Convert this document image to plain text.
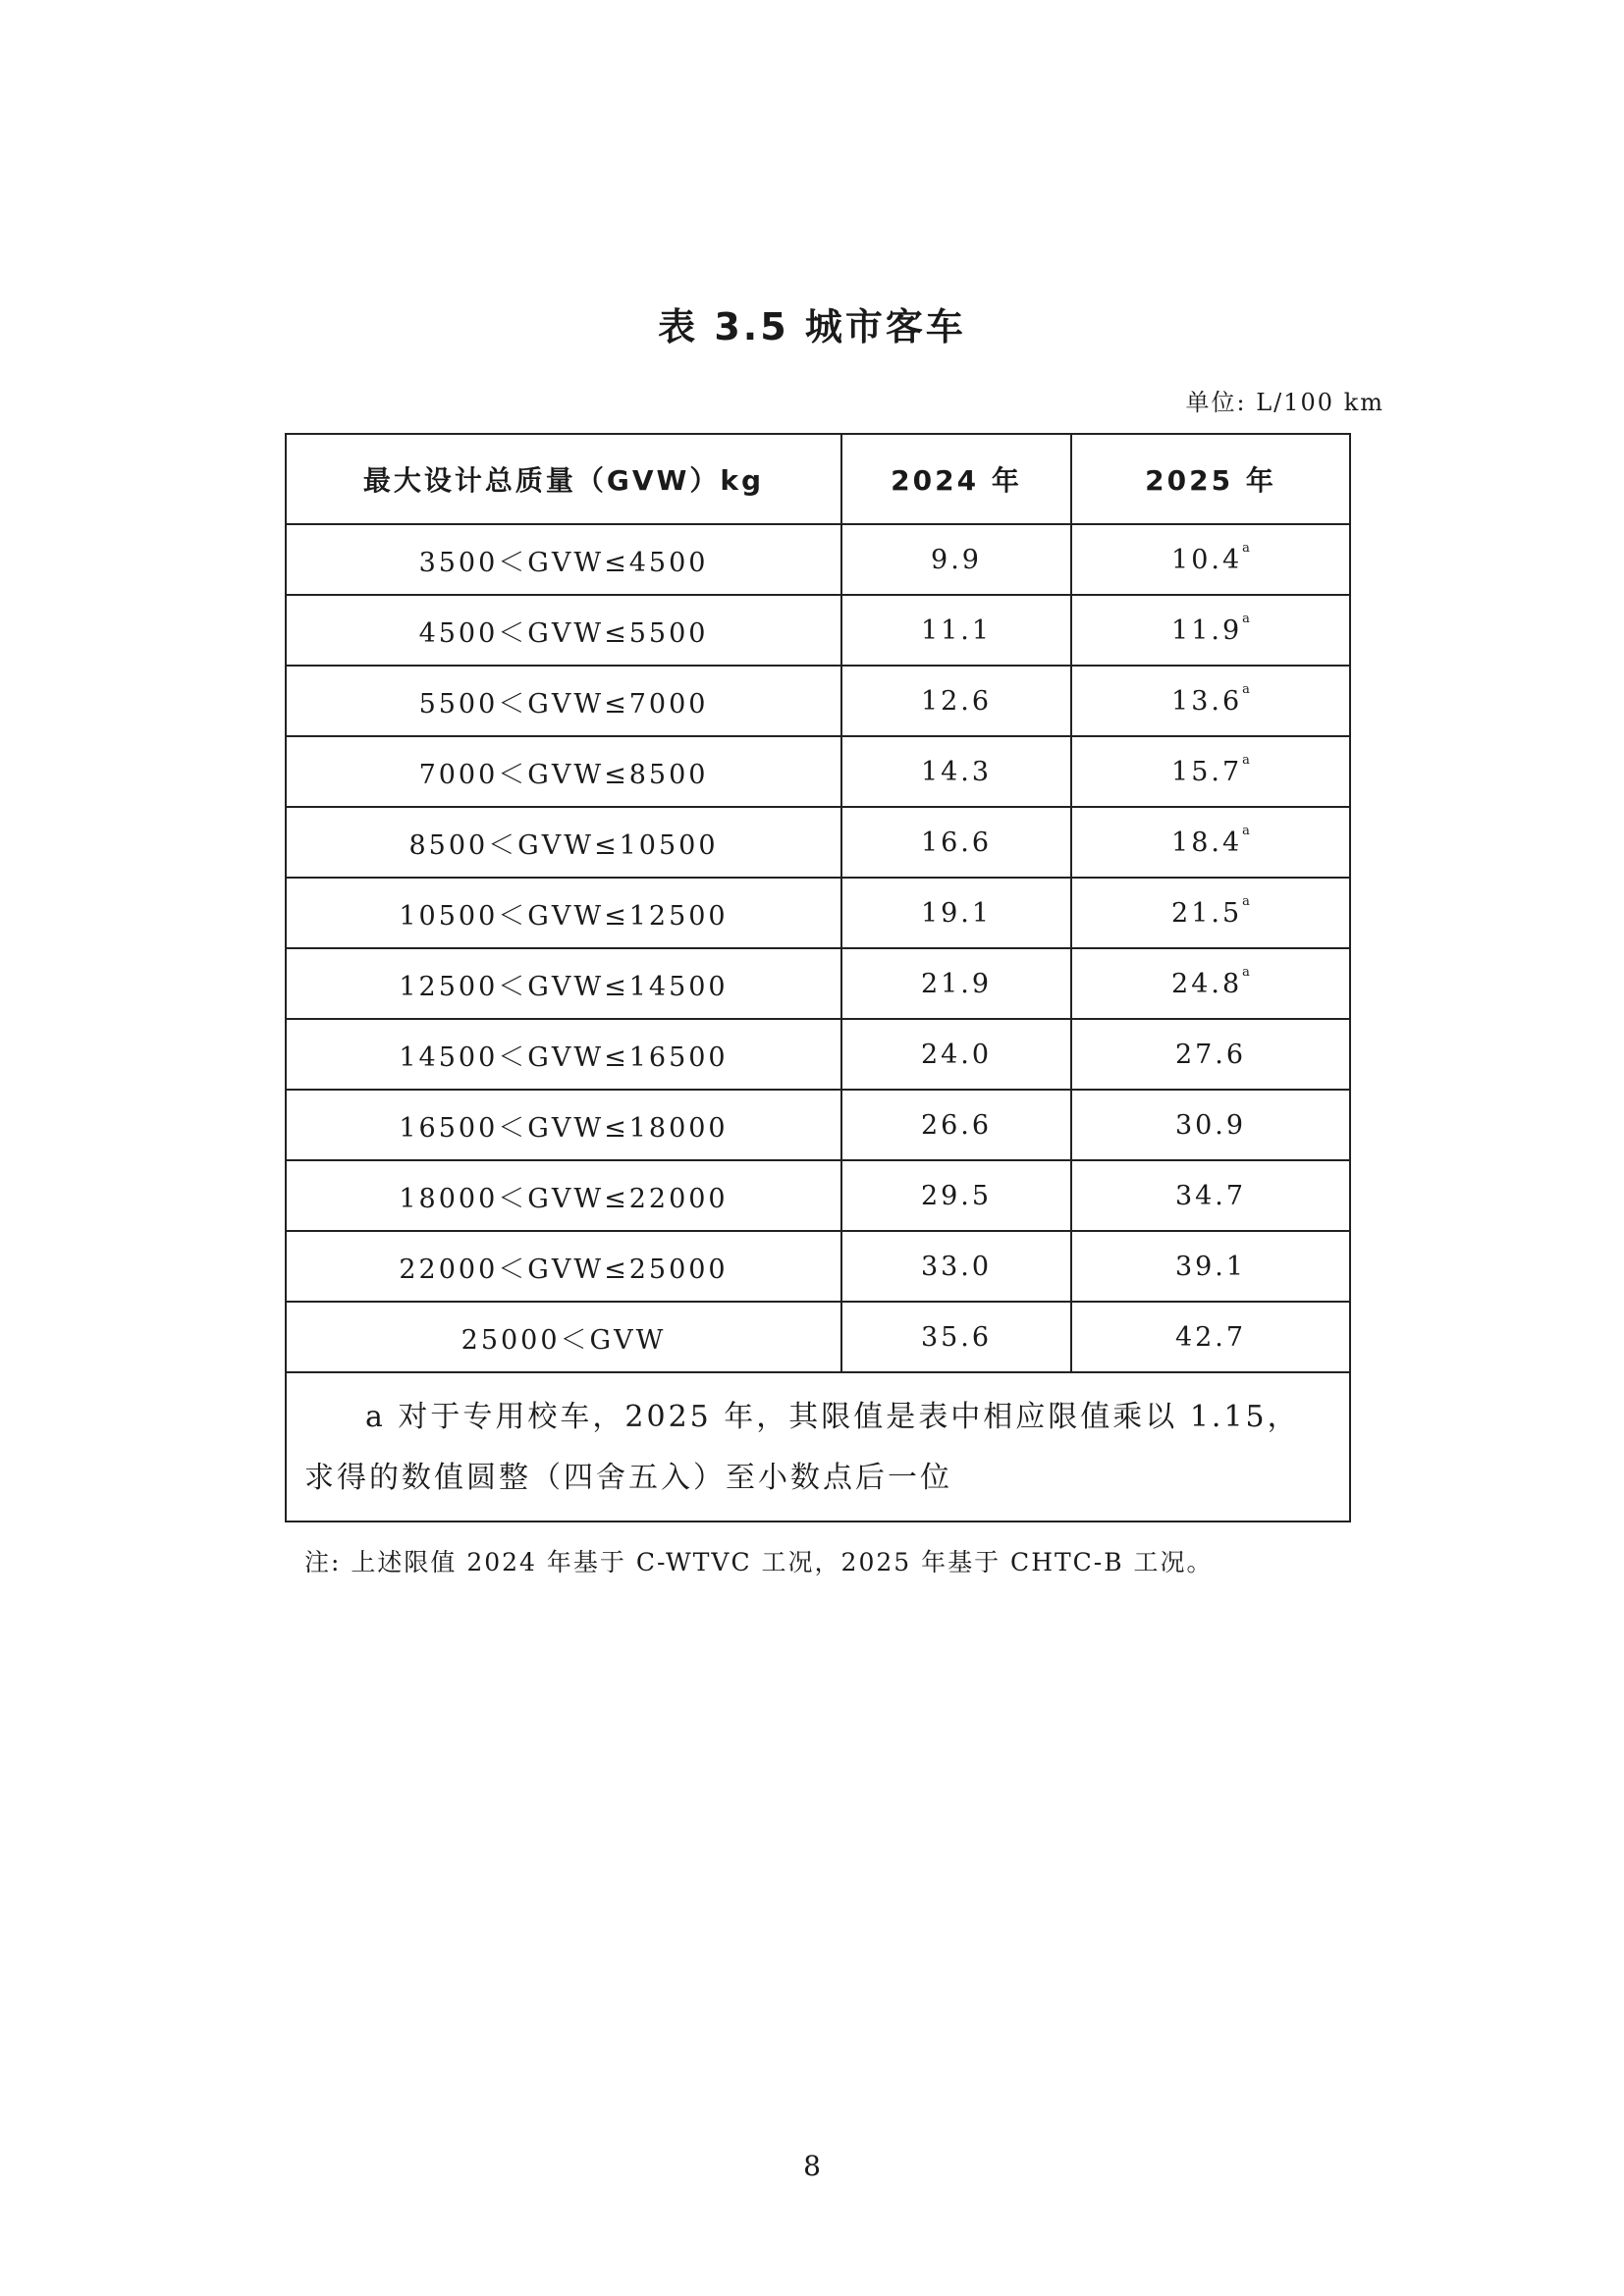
表 3.5 城市客车
单位: L/100 km
最大设计总质量（GVW）kg	2024 年	2025 年
3500＜GVW≤4500	9.9	10.4$^a$
4500＜GVW≤5500	11.1	11.9$^a$
5500＜GVW≤7000	12.6	13.6$^a$
7000＜GVW≤8500	14.3	15.7$^a$
8500＜GVW≤10500	16.6	18.4$^a$
10500＜GVW≤12500	19.1	21.5$^a$
12500＜GVW≤14500	21.9	24.8$^a$
14500＜GVW≤16500	24.0	27.6
16500＜GVW≤18000	26.6	30.9
18000＜GVW≤22000	29.5	34.7
22000＜GVW≤25000	33.0	39.1
25000＜GVW	35.6	42.7
a 对于专用校车，2025 年，其限值是表中相应限值乘以 1.15，求得的数值圆整（四舍五入）至小数点后一位		
注: 上述限值 2024 年基于 C-WTVC 工况，2025 年基于 CHTC-B 工况。
8
